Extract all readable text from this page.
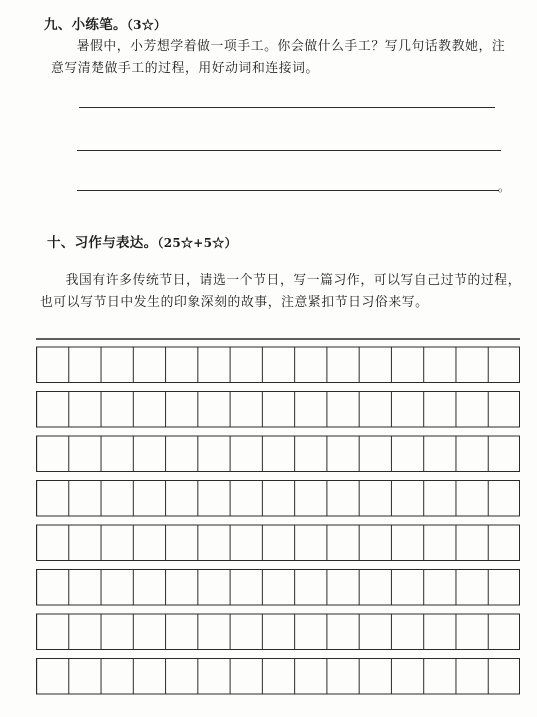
九、小练笔。（3☆）
暑假中，小芳想学着做一项手工。你会做什么手工？写几句话教教她，注意写清楚做手工的过程，用好动词和连接词。
。
十、习作与表达。（25☆+5☆）
我国有许多传统节日，请选一个节日，写一篇习作，可以写自己过节的过程，也可以写节日中发生的印象深刻的故事，注意紧扣节日习俗来写。
